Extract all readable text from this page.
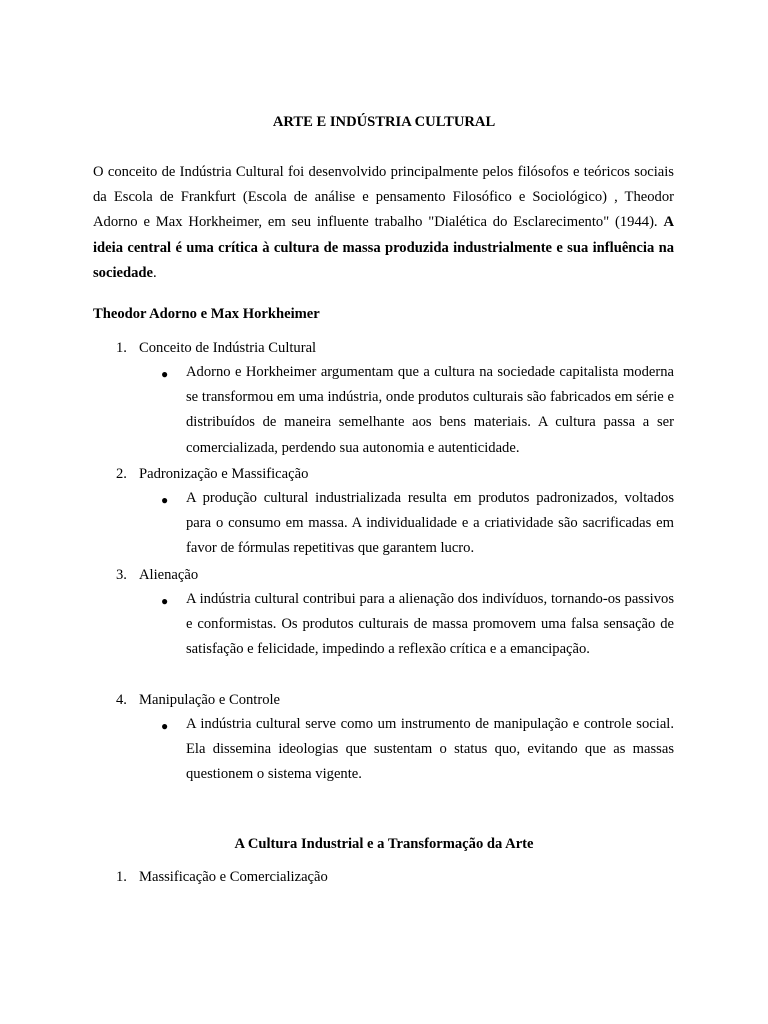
ARTE E INDÚSTRIA CULTURAL

O conceito de Indústria Cultural foi desenvolvido principalmente pelos filósofos e teóricos sociais da Escola de Frankfurt (Escola de análise e pensamento Filosófico e Sociológico) , Theodor Adorno e Max Horkheimer, em seu influente trabalho "Dialética do Esclarecimento" (1944). A ideia central é uma crítica à cultura de massa produzida industrialmente e sua influência na sociedade.

Theodor Adorno e Max Horkheimer
1. Conceito de Indústria Cultural
● Adorno e Horkheimer argumentam que a cultura na sociedade capitalista moderna se transformou em uma indústria, onde produtos culturais são fabricados em série e distribuídos de maneira semelhante aos bens materiais. A cultura passa a ser comercializada, perdendo sua autonomia e autenticidade.

2. Padronização e Massificação
● A produção cultural industrializada resulta em produtos padronizados, voltados para o consumo em massa. A individualidade e a criatividade são sacrificadas em favor de fórmulas repetitivas que garantem lucro.

3. Alienação
● A indústria cultural contribui para a alienação dos indivíduos, tornando-os passivos e conformistas. Os produtos culturais de massa promovem uma falsa sensação de satisfação e felicidade, impedindo a reflexão crítica e a emancipação.

4. Manipulação e Controle
● A indústria cultural serve como um instrumento de manipulação e controle social. Ela dissemina ideologias que sustentam o status quo, evitando que as massas questionem o sistema vigente.

A Cultura Industrial e a Transformação da Arte
1. Massificação e Comercialização
